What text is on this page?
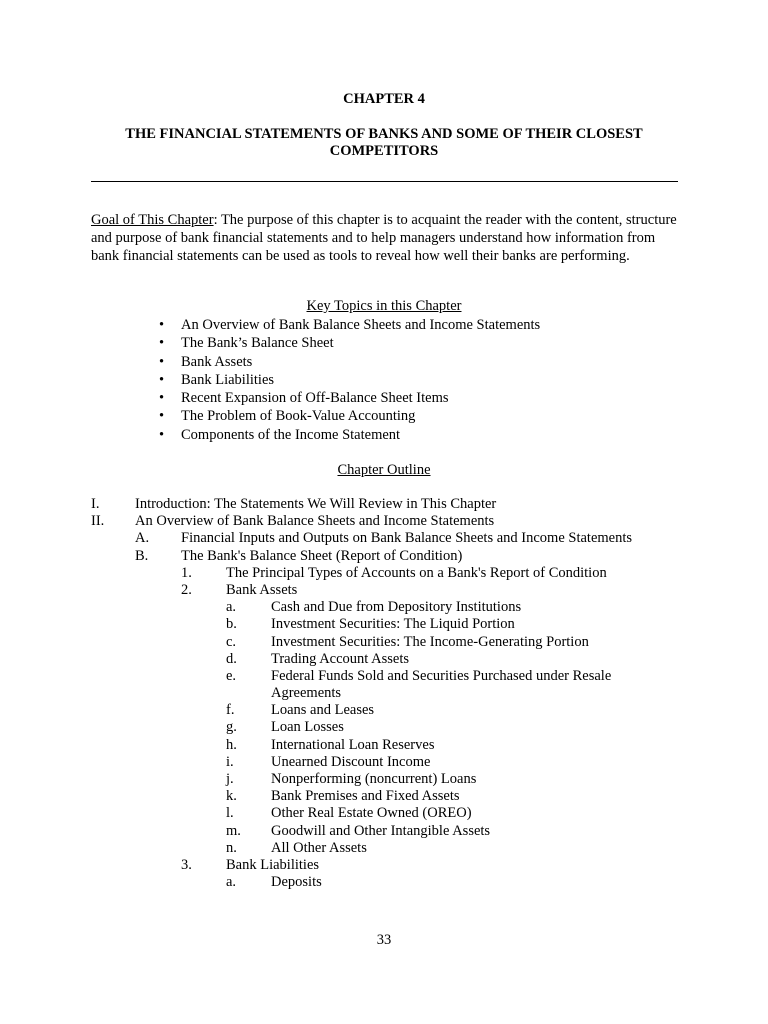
CHAPTER 4
THE FINANCIAL STATEMENTS OF BANKS AND SOME OF THEIR CLOSEST COMPETITORS
Goal of This Chapter: The purpose of this chapter is to acquaint the reader with the content, structure and purpose of bank financial statements and to help managers understand how information from bank financial statements can be used as tools to reveal how well their banks are performing.
Key Topics in this Chapter
• An Overview of Bank Balance Sheets and Income Statements
• The Bank’s Balance Sheet
• Bank Assets
• Bank Liabilities
• Recent Expansion of Off-Balance Sheet Items
• The Problem of Book-Value Accounting
• Components of the Income Statement
Chapter Outline
I. Introduction: The Statements We Will Review in This Chapter
II. An Overview of Bank Balance Sheets and Income Statements
A. Financial Inputs and Outputs on Bank Balance Sheets and Income Statements
B. The Bank's Balance Sheet (Report of Condition)
1. The Principal Types of Accounts on a Bank's Report of Condition
2. Bank Assets
a. Cash and Due from Depository Institutions
b. Investment Securities: The Liquid Portion
c. Investment Securities: The Income-Generating Portion
d. Trading Account Assets
e. Federal Funds Sold and Securities Purchased under Resale
Agreements
f.	Loans and Leases
g. Loan Losses
h. International Loan Reserves
i.	Unearned Discount Income
j.	Nonperforming (noncurrent) Loans
k. Bank Premises and Fixed Assets
l.	Other Real Estate Owned (OREO)
m. Goodwill and Other Intangible Assets
n. All Other Assets
3. Bank Liabilities
a. Deposits
33
